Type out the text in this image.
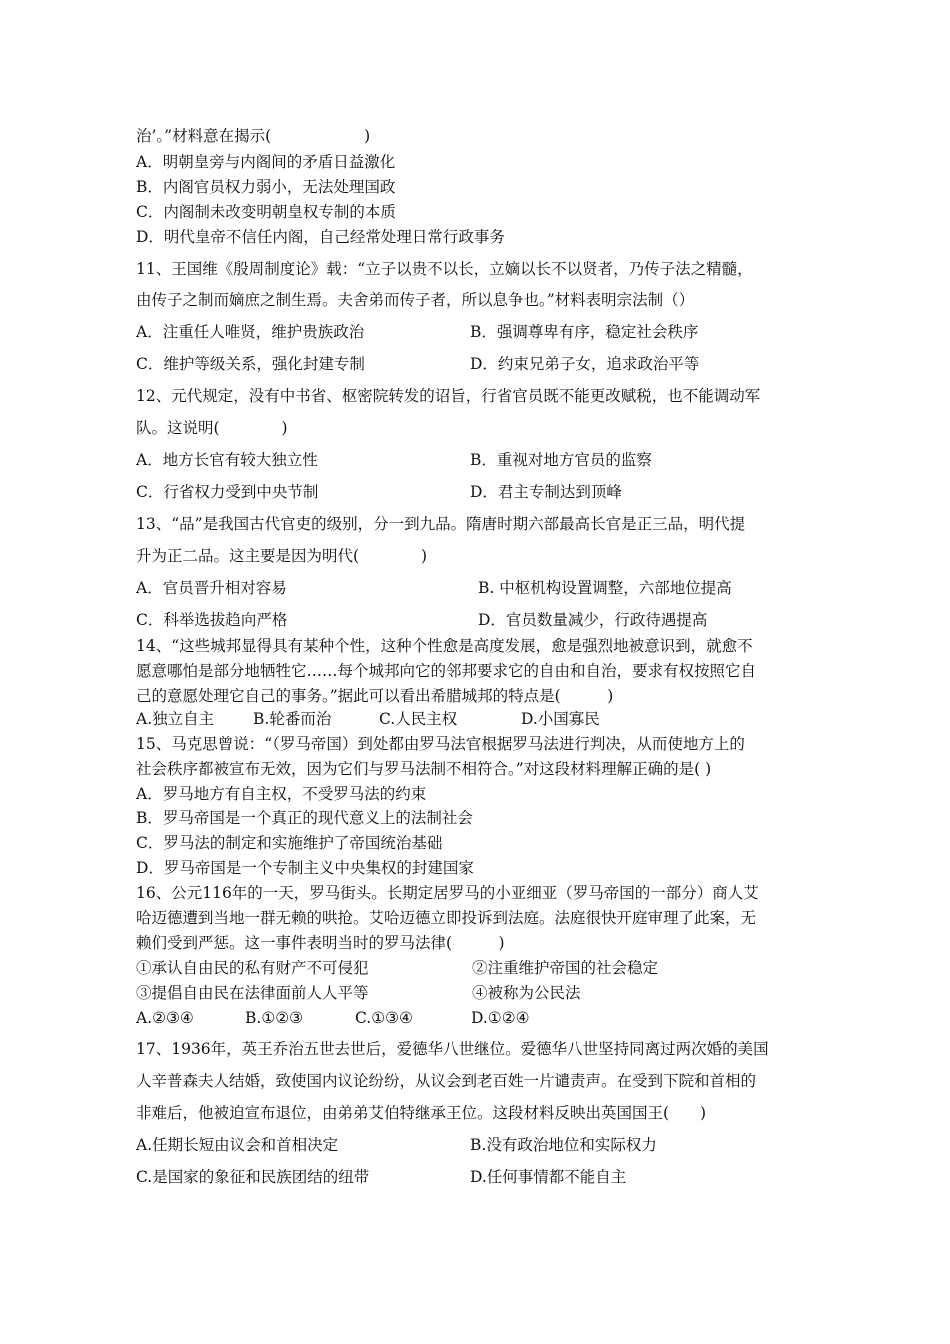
治’。”材料意在揭示(　　　　　　)
A．明朝皇旁与内阁间的矛盾日益激化
B．内阁官员权力弱小，无法处理国政
C．内阁制未改变明朝皇权专制的本质
D．明代皇帝不信任内阁，自己经常处理日常行政事务
11、王国维《殷周制度论》载：“立子以贵不以长，立嫡以长不以贤者，乃传子法之精髓，
由传子之制而嫡庶之制生焉。夫舍弟而传子者，所以息争也。”材料表明宗法制（）
A．注重任人唯贤，维护贵族政治	B．强调尊卑有序，稳定社会秩序
C．维护等级关系，强化封建专制	D．约束兄弟子女，追求政治平等
12、元代规定，没有中书省、枢密院转发的诏旨，行省官员既不能更改赋税，也不能调动军
队。这说明(　　　　)
A．地方长官有较大独立性	B．重视对地方官员的监察
C．行省权力受到中央节制	D．君主专制达到顶峰
13、“品”是我国古代官吏的级别，分一到九品。隋唐时期六部最高长官是正三品，明代提
升为正二品。这主要是因为明代(　　　　)
A．官员晋升相对容易	B. 中枢机构设置调整，六部地位提高
C．科举选拔趋向严格	D．官员数量减少，行政待遇提高
14、“这些城邦显得具有某种个性，这种个性愈是高度发展，愈是强烈地被意识到，就愈不
愿意哪怕是部分地牺牲它……每个城邦向它的邻邦要求它的自由和自治，要求有权按照它自
己的意愿处理它自己的事务。”据此可以看出希腊城邦的特点是(　　　)
A.独立自主	B.轮番而治	C.人民主权	D.小国寡民
15、马克思曾说：“（罗马帝国）到处都由罗马法官根据罗马法进行判决，从而使地方上的
社会秩序都被宣布无效，因为它们与罗马法制不相符合。”对这段材料理解正确的是( )
A．罗马地方有自主权，不受罗马法的约束
B．罗马帝国是一个真正的现代意义上的法制社会
C．罗马法的制定和实施维护了帝国统治基础
D．罗马帝国是一个专制主义中央集权的封建国家
16、公元116年的一天，罗马街头。长期定居罗马的小亚细亚（罗马帝国的一部分）商人艾
哈迈德遭到当地一群无赖的哄抢。艾哈迈德立即投诉到法庭。法庭很快开庭审理了此案，无
赖们受到严惩。这一事件表明当时的罗马法律(　　　)
①承认自由民的私有财产不可侵犯	②注重维护帝国的社会稳定
③提倡自由民在法律面前人人平等	④被称为公民法
A.②③④	B.①②③	C.①③④	D.①②④
17、1936年，英王乔治五世去世后，爱德华八世继位。爱德华八世坚持同离过两次婚的美国
人辛普森夫人结婚，致使国内议论纷纷，从议会到老百姓一片谴责声。在受到下院和首相的
非难后，他被迫宣布退位，由弟弟艾伯特继承王位。这段材料反映出英国国王(　　)
A.任期长短由议会和首相决定	B.没有政治地位和实际权力
C.是国家的象征和民族团结的纽带	D.任何事情都不能自主
